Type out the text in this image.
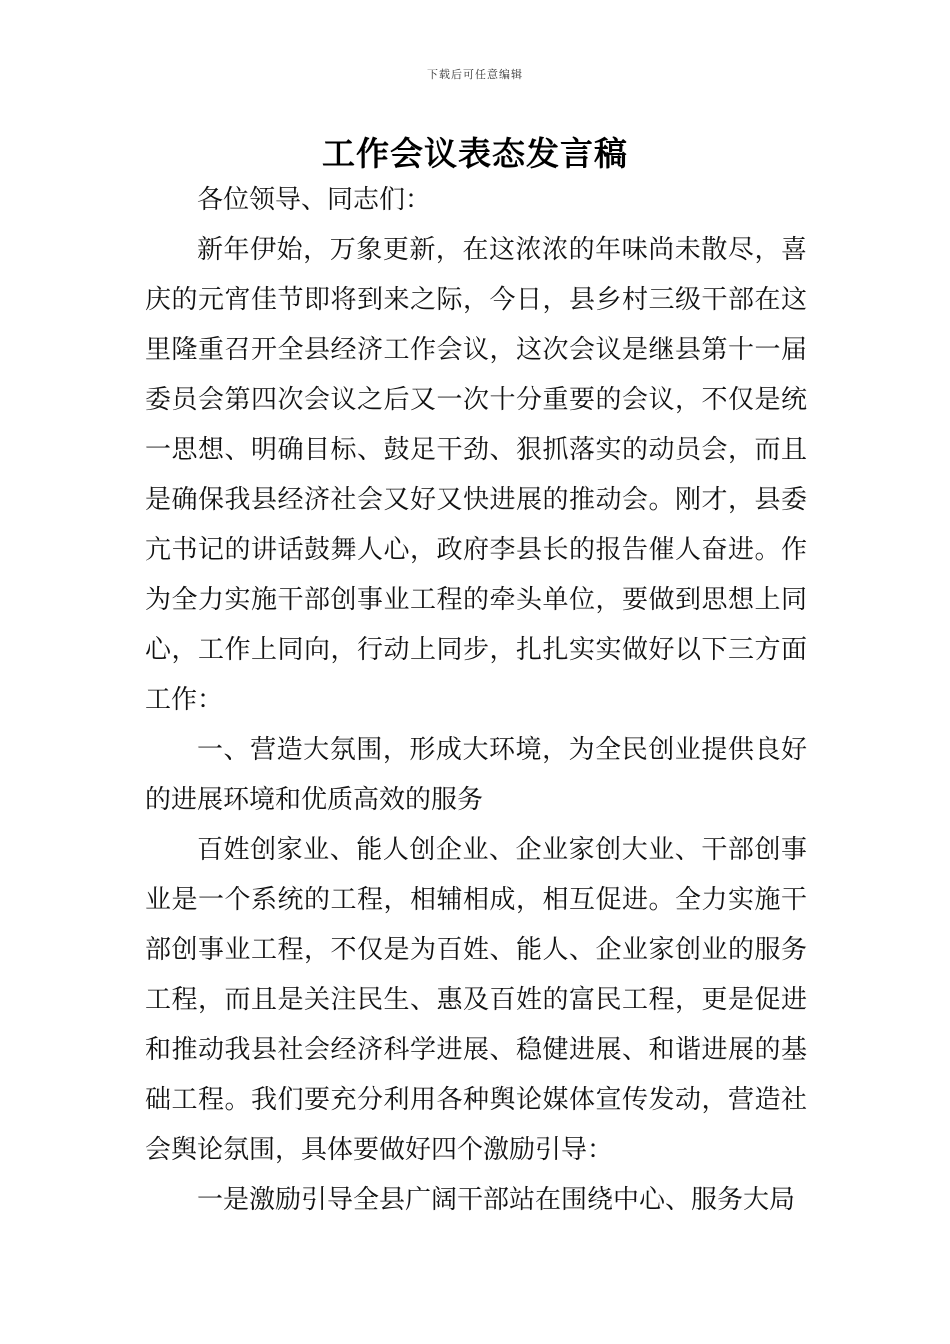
下载后可任意编辑
工作会议表态发言稿

各位领导、同志们：

新年伊始，万象更新，在这浓浓的年味尚未散尽，喜庆的元宵佳节即将到来之际，今日，县乡村三级干部在这里隆重召开全县经济工作会议，这次会议是继县第十一届委员会第四次会议之后又一次十分重要的会议，不仅是统一思想、明确目标、鼓足干劲、狠抓落实的动员会，而且是确保我县经济社会又好又快进展的推动会。刚才，县委亢书记的讲话鼓舞人心，政府李县长的报告催人奋进。作为全力实施干部创事业工程的牵头单位，要做到思想上同心，工作上同向，行动上同步，扎扎实实做好以下三方面工作：

一、营造大氛围，形成大环境，为全民创业提供良好的进展环境和优质高效的服务

百姓创家业、能人创企业、企业家创大业、干部创事业是一个系统的工程，相辅相成，相互促进。全力实施干部创事业工程，不仅是为百姓、能人、企业家创业的服务工程，而且是关注民生、惠及百姓的富民工程，更是促进和推动我县社会经济科学进展、稳健进展、和谐进展的基础工程。我们要充分利用各种舆论媒体宣传发动，营造社会舆论氛围，具体要做好四个激励引导：

一是激励引导全县广阔干部站在围绕中心、服务大局
